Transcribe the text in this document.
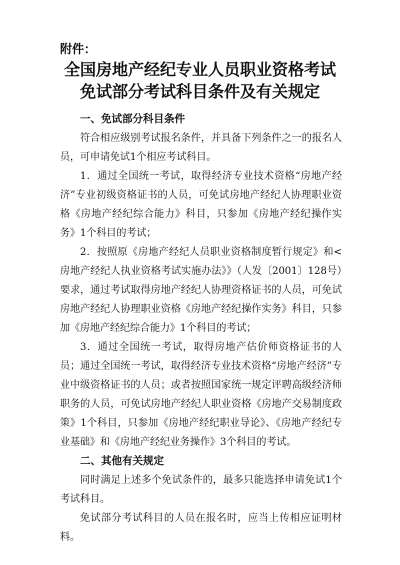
附件：
全国房地产经纪专业人员职业资格考试
免试部分考试科目条件及有关规定

一、免试部分科目条件

符合相应级别考试报名条件，并具备下列条件之一的报名人员，可申请免试1个相应考试科目。

1．通过全国统一考试，取得经济专业技术资格“房地产经济”专业初级资格证书的人员，可免试房地产经纪人协理职业资格《房地产经纪综合能力》科目，只参加《房地产经纪操作实务》1个科目的考试；

2．按照原《房地产经纪人员职业资格制度暂行规定》和<房地产经纪人执业资格考试实施办法》》（人发〔2001〕128号）要求，通过考试取得房地产经纪人协理资格证书的人员，可免试房地产经纪人协理职业资格《房地产经纪操作实务》科目，只参加《房地产经纪综合能力》1个科目的考试；

3．通过全国统一考试，取得房地产估价师资格证书的人员；通过全国统一考试，取得经济专业技术资格“房地产经济”专业中级资格证书的人员；或者按照国家统一规定评聘高级经济师职务的人员，可免试房地产经纪人职业资格《房地产交易制度政策》1个科目，只参加《房地产经纪职业导论》、《房地产经纪专业基础》和《房地产经纪业务操作》3个科目的考试。

二、其他有关规定

同时满足上述多个免试条件的，最多只能选择申请免试1个考试科目。

免试部分考试科目的人员在报名时，应当上传相应证明材料。
